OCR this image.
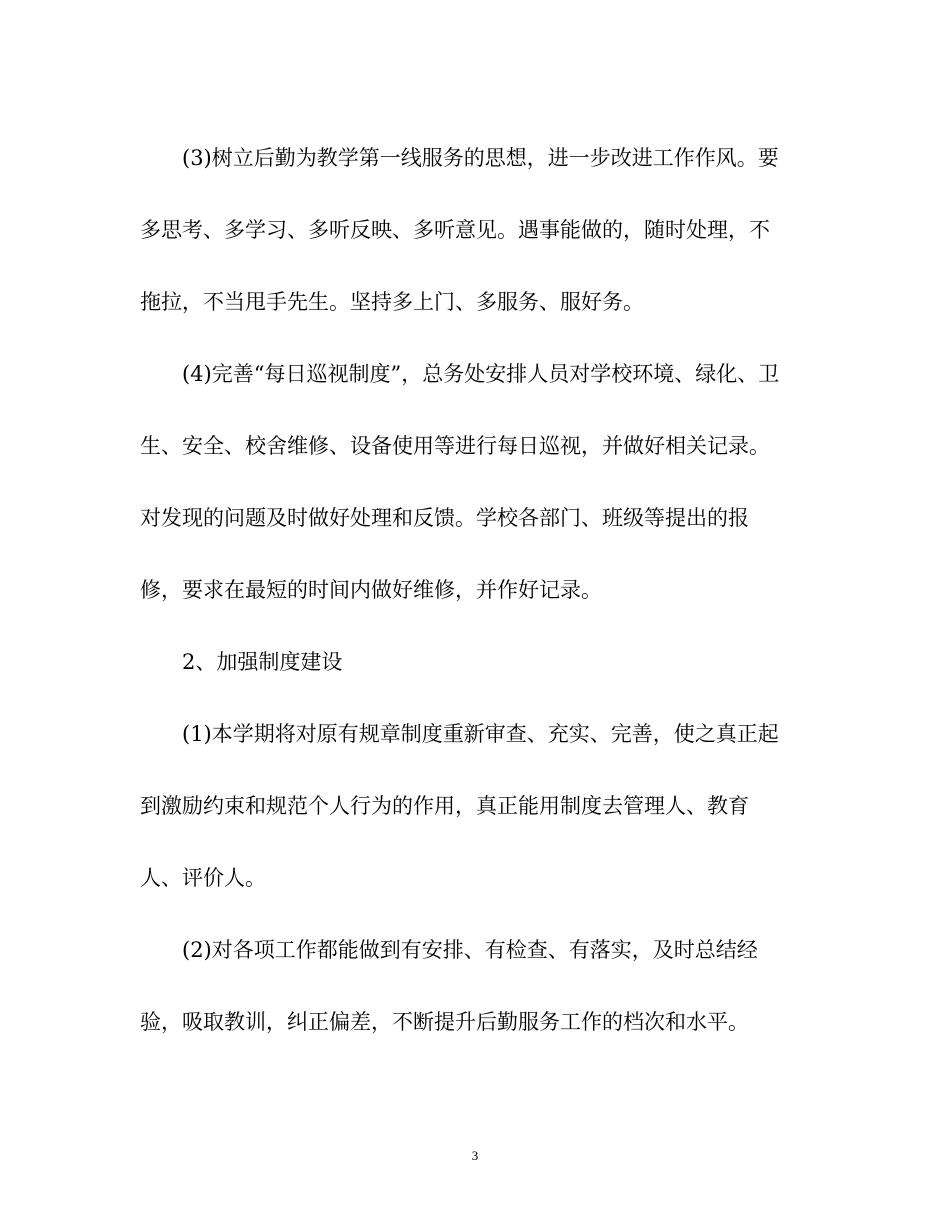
(3)树立后勤为教学第一线服务的思想，进一步改进工作作风。要
多思考、多学习、多听反映、多听意见。遇事能做的，随时处理，不
拖拉，不当甩手先生。坚持多上门、多服务、服好务。
(4)完善“每日巡视制度”，总务处安排人员对学校环境、绿化、卫
生、安全、校舍维修、设备使用等进行每日巡视，并做好相关记录。
对发现的问题及时做好处理和反馈。学校各部门、班级等提出的报
修，要求在最短的时间内做好维修，并作好记录。
2、加强制度建设
(1)本学期将对原有规章制度重新审查、充实、完善，使之真正起
到激励约束和规范个人行为的作用，真正能用制度去管理人、教育
人、评价人。
(2)对各项工作都能做到有安排、有检查、有落实，及时总结经
验，吸取教训，纠正偏差，不断提升后勤服务工作的档次和水平。
3
